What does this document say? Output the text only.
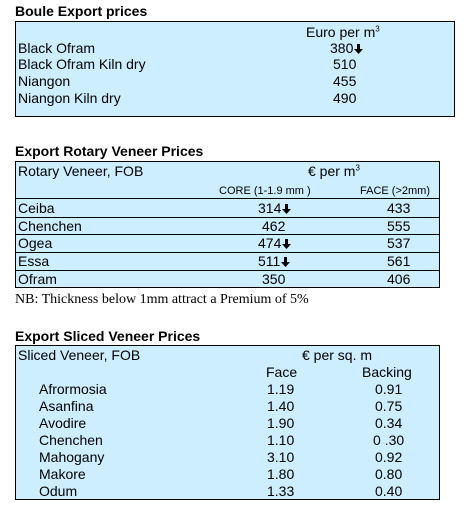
Boule Export prices
Euro per $m^3$
Black Ofram	380
Black Ofram Kiln dry	510
Niangon	455
Niangon Kiln dry	490
Export Rotary Veneer Prices
Rotary Veneer, FOB	€ per $m^3$
CORE (1-1.9 mm )	FACE (>2mm)
Ceiba	314	433
Chenchen	462	555
Ogea	474	537
Essa	511	561
Ofram	350	406
NB: Thickness below 1mm attract a Premium of 5%
Export Sliced Veneer Prices
Sliced Veneer, FOB	€ per sq. m
Face	Backing
Afrormosia	1.19	0.91
Asanfina	1.40	0.75
Avodire	1.90	0.34
Chenchen	1.10	0 .30
Mahogany	3.10	0.92
Makore	1.80	0.80
Odum	1.33	0.40
